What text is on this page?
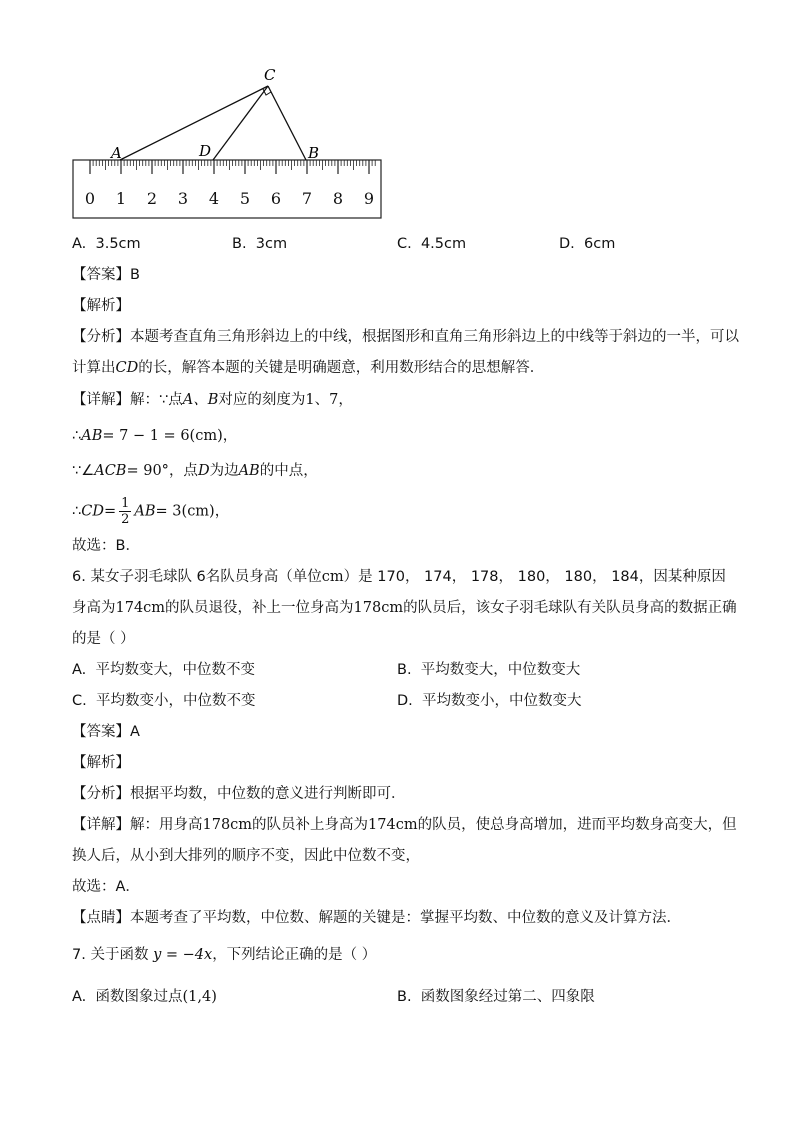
0 1 2 3 4 5 6 7 8 9
C
A	D	B
A. 3.5cm	B. 3cm	C. 4.5cm	D. 6cm
【答案】B
【解析】
【分析】本题考查直角三角形斜边上的中线，根据图形和直角三角形斜边上的中线等于斜边的一半，可以
计算出CD的长，解答本题的关键是明确题意，利用数形结合的思想解答．
【详解】解：∵点A、B对应的刻度为1、7，
∴AB= 7 − 1 = 6(cm)，
∵∠ACB= 90°，点D为边AB的中点，
∴CD= $\frac{1}{2} AB= 3(cm)$，
故选：B．
6. 某女子羽毛球队 6名队员身高（单位cm）是 170， 174， 178， 180， 180， 184，因某种原因
身高为174cm的队员退役，补上一位身高为178cm的队员后，该女子羽毛球队有关队员身高的数据正确
的是（ ）
A. 平均数变大，中位数不变	B. 平均数变大，中位数变大
C. 平均数变小，中位数不变	D. 平均数变小，中位数变大
【答案】A
【解析】
【分析】根据平均数，中位数的意义进行判断即可．
【详解】解：用身高178cm的队员补上身高为174cm的队员，使总身高增加，进而平均数身高变大，但
换人后，从小到大排列的顺序不变，因此中位数不变，
故选：A．
【点睛】本题考查了平均数，中位数、解题的关键是：掌握平均数、中位数的意义及计算方法．
7. 关于函数 y = −4x，下列结论正确的是（ ）
A. 函数图象过点(1,4)	B. 函数图象经过第二、四象限
